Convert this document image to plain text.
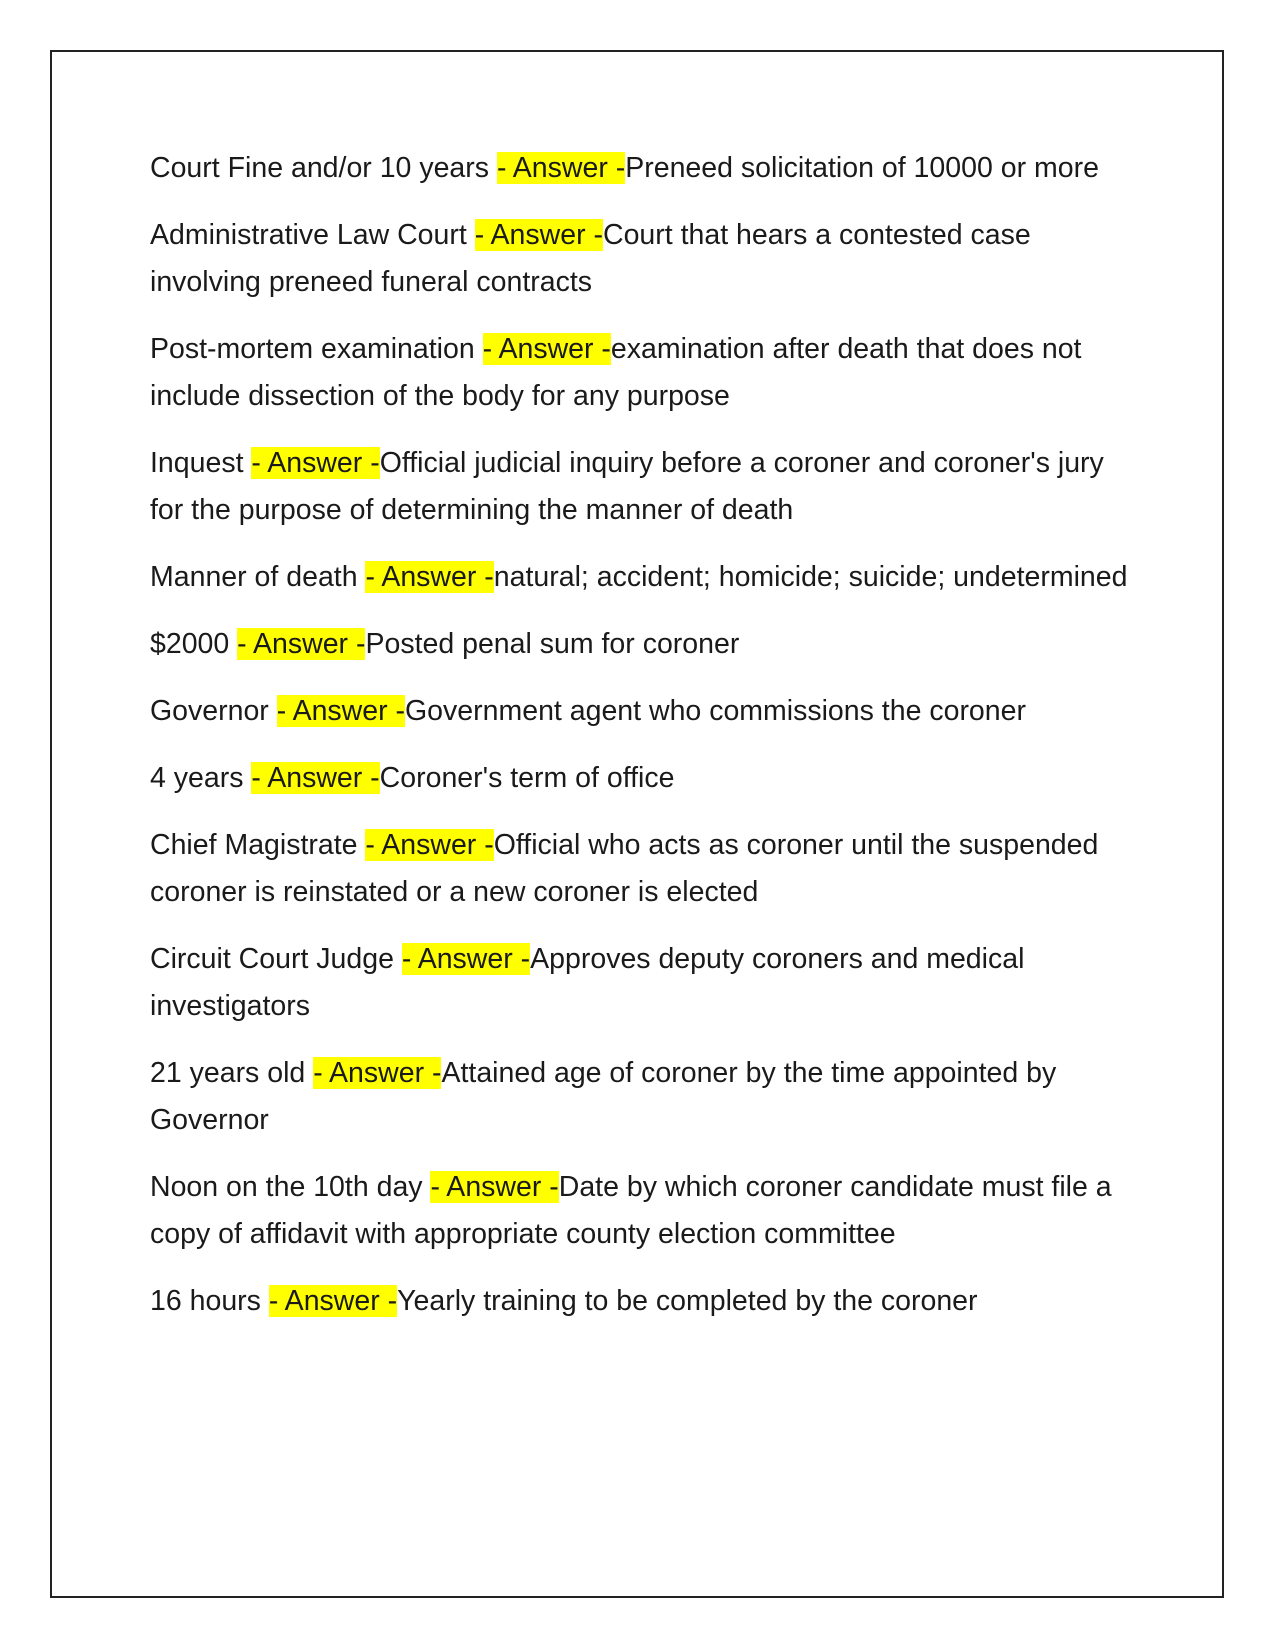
Court Fine and/or 10 years - Answer -Preneed solicitation of 10000 or more

Administrative Law Court - Answer -Court that hears a contested case involving preneed funeral contracts

Post-mortem examination - Answer -examination after death that does not include dissection of the body for any purpose

Inquest - Answer -Official judicial inquiry before a coroner and coroner's jury for the purpose of determining the manner of death

Manner of death - Answer -natural; accident; homicide; suicide; undetermined

$2000 - Answer -Posted penal sum for coroner

Governor - Answer -Government agent who commissions the coroner

4 years - Answer -Coroner's term of office

Chief Magistrate - Answer -Official who acts as coroner until the suspended coroner is reinstated or a new coroner is elected

Circuit Court Judge - Answer -Approves deputy coroners and medical investigators

21 years old - Answer -Attained age of coroner by the time appointed by Governor

Noon on the 10th day - Answer -Date by which coroner candidate must file a copy of affidavit with appropriate county election committee

16 hours - Answer -Yearly training to be completed by the coroner
